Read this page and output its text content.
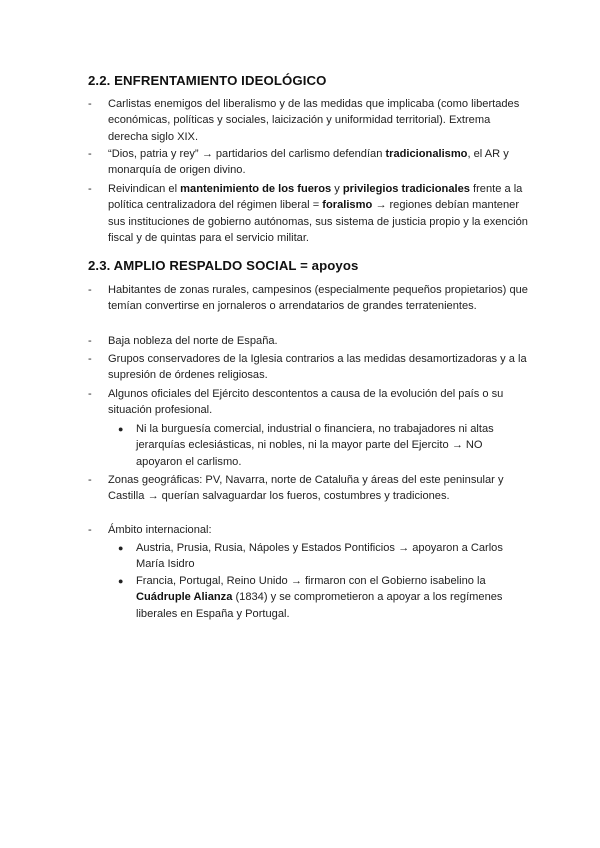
2.2. ENFRENTAMIENTO IDEOLÓGICO
- Carlistas enemigos del liberalismo y de las medidas que implicaba (como libertades económicas, políticas y sociales, laicización y uniformidad territorial). Extrema derecha siglo XIX.
- “Dios, patria y rey” → partidarios del carlismo defendían tradicionalismo, el AR y monarquía de origen divino.
- Reivindican el mantenimiento de los fueros y privilegios tradicionales frente a la política centralizadora del régimen liberal = foralismo → regiones debían mantener sus instituciones de gobierno autónomas, sus sistema de justicia propio y la exención fiscal y de quintas para el servicio militar.
2.3. AMPLIO RESPALDO SOCIAL = apoyos
- Habitantes de zonas rurales, campesinos (especialmente pequeños propietarios) que temían convertirse en jornaleros o arrendatarios de grandes terratenientes.
- Baja nobleza del norte de España.
- Grupos conservadores de la Iglesia contrarios a las medidas desamortizadoras y a la supresión de órdenes religiosas.
- Algunos oficiales del Ejército descontentos a causa de la evolución del país o su situación profesional.
● Ni la burguesía comercial, industrial o financiera, no trabajadores ni altas jerarquías eclesiásticas, ni nobles, ni la mayor parte del Ejercito → NO apoyaron el carlismo.
- Zonas geográficas: PV, Navarra, norte de Cataluña y áreas del este peninsular y Castilla → querían salvaguardar los fueros, costumbres y tradiciones.
- Ámbito internacional:
● Austria, Prusia, Rusia, Nápoles y Estados Pontificios → apoyaron a Carlos María Isidro
● Francia, Portugal, Reino Unido → firmaron con el Gobierno isabelino la Cuádruple Alianza (1834) y se comprometieron a apoyar a los regímenes liberales en España y Portugal.
